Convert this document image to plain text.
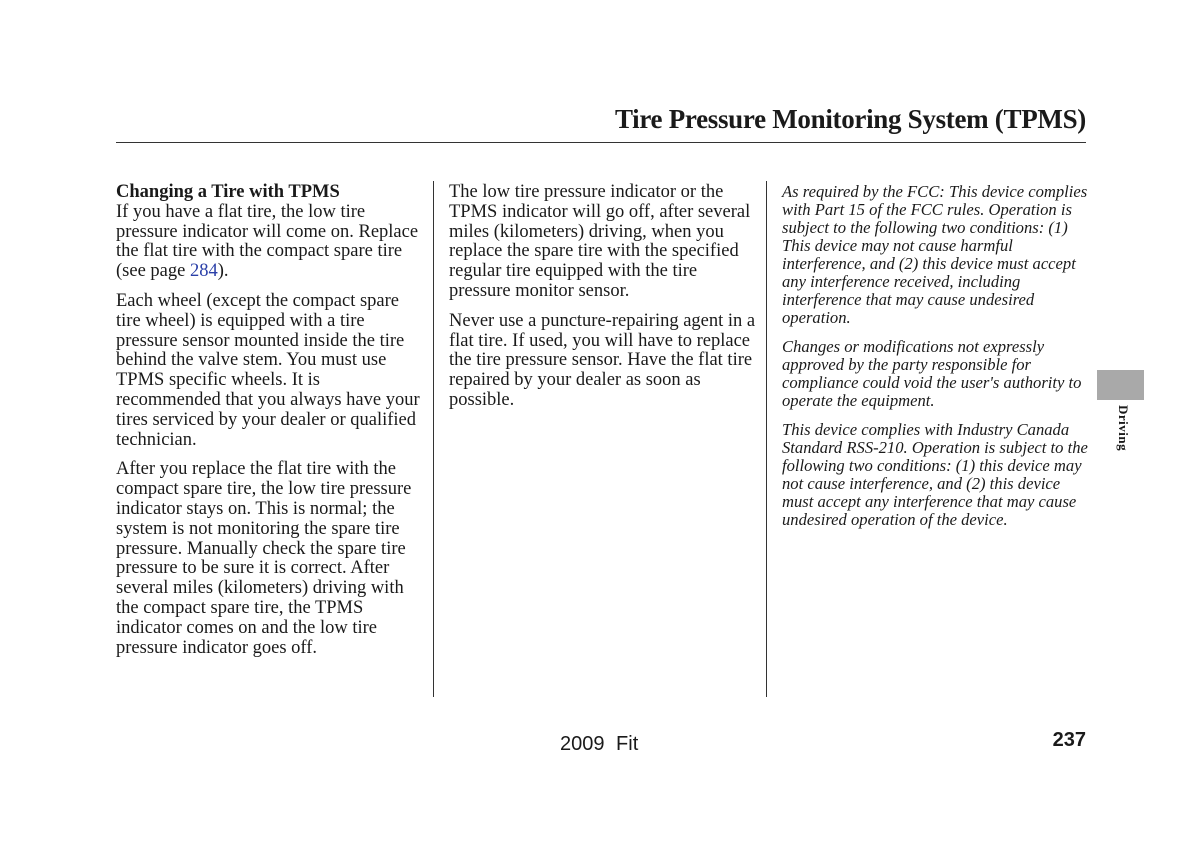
Tire Pressure Monitoring System (TPMS)

Changing a Tire with TPMS
If you have a flat tire, the low tire pressure indicator will come on. Replace the flat tire with the compact spare tire (see page 284).

Each wheel (except the compact spare tire wheel) is equipped with a tire pressure sensor mounted inside the tire behind the valve stem. You must use TPMS specific wheels. It is recommended that you always have your tires serviced by your dealer or qualified technician.

After you replace the flat tire with the compact spare tire, the low tire pressure indicator stays on. This is normal; the system is not monitoring the spare tire pressure. Manually check the spare tire pressure to be sure it is correct. After several miles (kilometers) driving with the compact spare tire, the TPMS indicator comes on and the low tire pressure indicator goes off.

The low tire pressure indicator or the TPMS indicator will go off, after several miles (kilometers) driving, when you replace the spare tire with the specified regular tire equipped with the tire pressure monitor sensor.

Never use a puncture-repairing agent in a flat tire. If used, you will have to replace the tire pressure sensor. Have the flat tire repaired by your dealer as soon as possible.

As required by the FCC: This device complies with Part 15 of the FCC rules. Operation is subject to the following two conditions: (1) This device may not cause harmful interference, and (2) this device must accept any interference received, including interference that may cause undesired operation.

Changes or modifications not expressly approved by the party responsible for compliance could void the user's authority to operate the equipment.

This device complies with Industry Canada Standard RSS-210. Operation is subject to the following two conditions: (1) this device may not cause interference, and (2) this device must accept any interference that may cause undesired operation of the device.

Driving
2009 Fit	237
